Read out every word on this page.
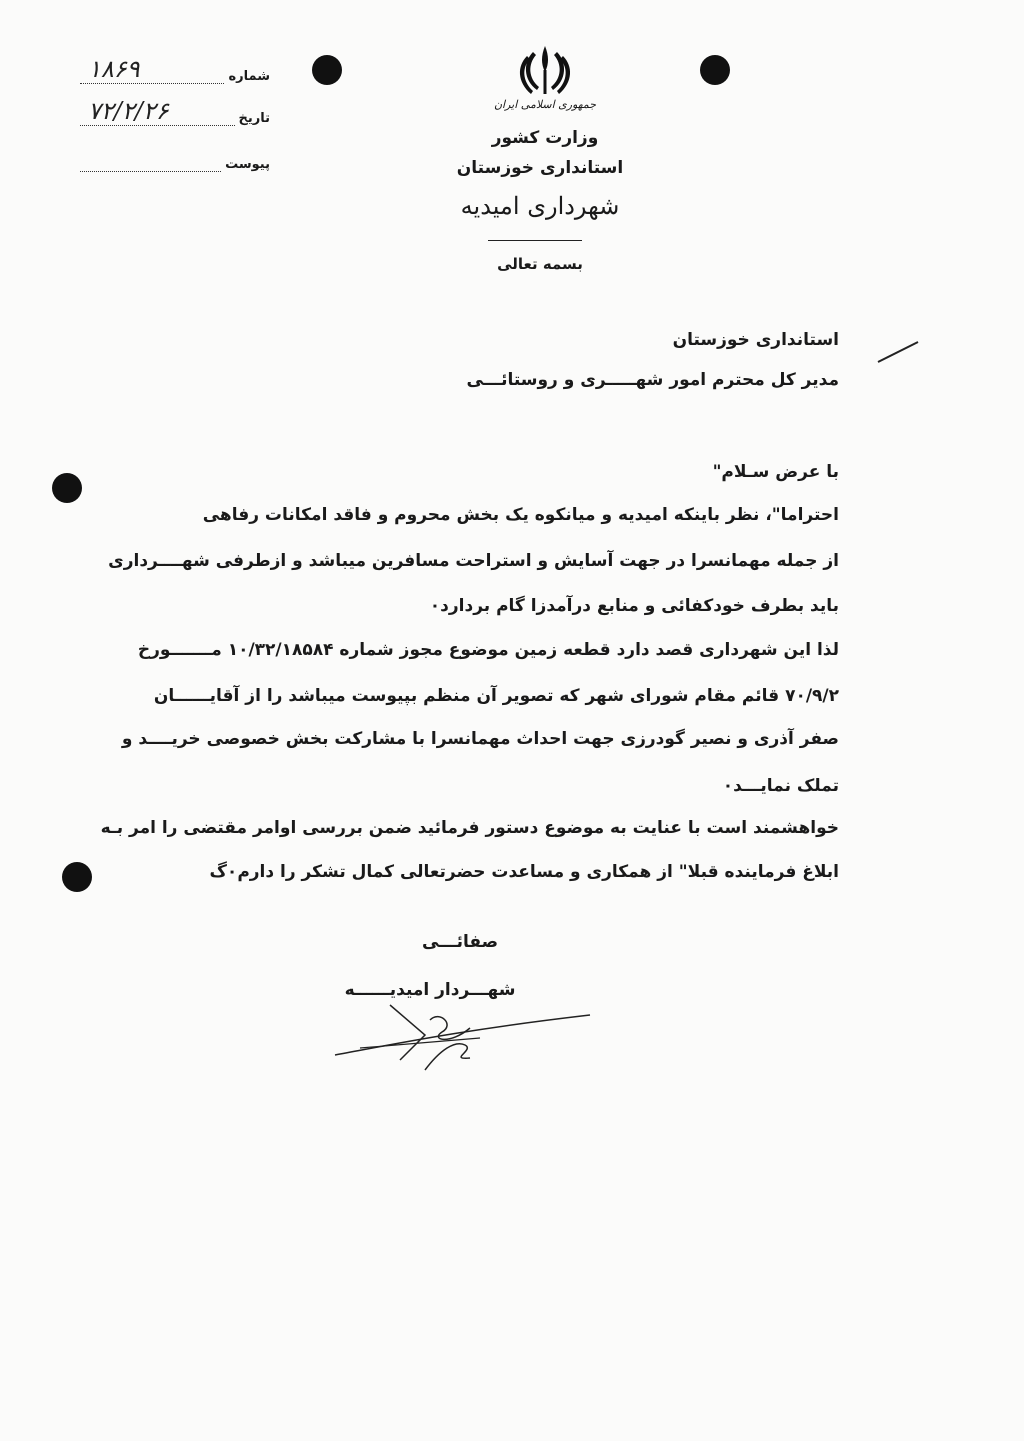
۱۸۶۹	شماره
۷۲/۲/۲۶	تاریخ
پیوست
جمهوری اسلامی ایران
وزارت کشور
استانداری خوزستان
شهرداری امیدیه
بسمه تعالی
استانداری خوزستان
مدیر کل محترم امور شهـــــری و روستائـــی
با عرض سـلام"
احتراما"، نظر باینکه امیدیه و میانکوه یک بخش محروم و فاقد امکانات رفاهی
از جمله مهمانسرا در جهت آسایش و استراحت مسافرین میباشد و ازطرفی شهــــرداری
باید بطرف خودکفائی و منابع درآمدزا گام بردارد٠
لذا این شهرداری قصد دارد قطعه زمین موضوع مجوز شماره ۱۰/۳۲/۱۸۵۸۴ مـــــــورخ
۷۰/۹/۲ قائم مقام شورای شهر که تصویر آن منظم بپیوست میباشد را از آقایــــــان
صفر آذری و نصیر گودرزی جهت احداث مهمانسرا با مشارکت بخش خصوصی خریــــد و
تملک نمایـــد٠
خواهشمند است با عنایت به موضوع دستور فرمائید ضمن بررسی اوامر مقتضی را امر بـه
ابلاغ فرماینده قبلا" از همکاری و مساعدت حضرتعالی کمال تشکر را دارم٠گ
صفائـــی
شهـــردار امیدیــــــه
